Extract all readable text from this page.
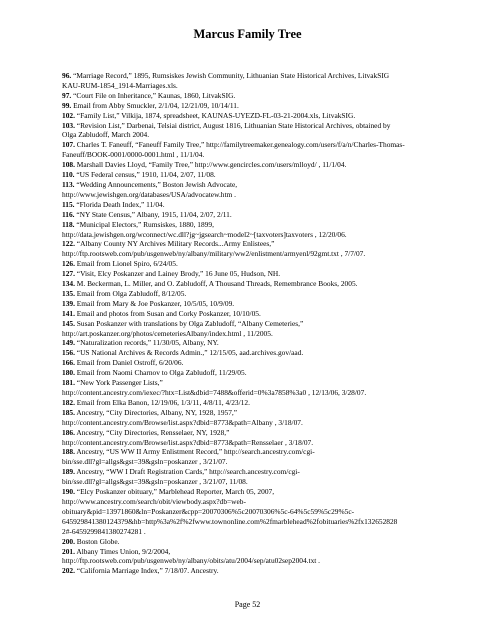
Marcus Family Tree
96. “Marriage Record,” 1895, Rumsiskes Jewish Community, Lithuanian State Historical Archives, LitvakSIG
KAU-RUM-1854_1914-Marriages.xls.
97. “Court File on Inheritance,” Kaunas, 1860, LitvakSIG.
99. Email from Abby Smuckler, 2/1/04, 12/21/09, 10/14/11.
102. “Family List,” Vilkija, 1874, spreadsheet, KAUNAS-UYEZD-FL-03-21-2004.xls, LitvakSIG.
103. “Revision List,” Darbenai, Telsiai district, August 1816, Lithuanian State Historical Archives, obtained by
Olga Zabludoff, March 2004.
107. Charles T. Faneuff, “Faneuff Family Tree,” http://familytreemaker.genealogy.com/users/f/a/n/Charles-Thomas-
Faneuff/BOOK-0001/0000-0001.html , 11/1/04.
108. Marshall Davies Lloyd, “Family Tree,” http://www.gencircles.com/users/mlloyd/ , 11/1/04.
110. “US Federal census,” 1910, 11/04, 2/07, 11/08.
113. “Wedding Announcements,” Boston Jewish Advocate,
http://www.jewishgen.org/databases/USA/advocatew.htm .
115. “Florida Death Index,” 11/04.
116. “NY State Census,” Albany, 1915, 11/04, 2/07, 2/11.
118. “Municipal Electors,” Rumsiskes, 1880, 1899,
http://data.jewishgen.org/wconnect/wc.dll?jg~jgsearch~model2~[taxvoters]taxvoters , 12/20/06.
122. “Albany County NY Archives Military Records...Army Enlistees,”
http://ftp.rootsweb.com/pub/usgenweb/ny/albany/military/ww2/enlistment/armyenl/92gmt.txt , 7/7/07.
126. Email from Lionel Spiro, 6/24/05.
127. “Visit, Elcy Poskanzer and Lainey Brody,” 16 June 05, Hudson, NH.
134. M. Beckerman, L. Miller, and O. Zabludoff, A Thousand Threads, Remembrance Books, 2005.
135. Email from Olga Zabludoff, 8/12/05.
139. Email from Mary & Joe Poskanzer, 10/5/05, 10/9/09.
141. Email and photos from Susan and Corky Poskanzer, 10/10/05.
145. Susan Poskanzer with translations by Olga Zabludoff, “Albany Cemeteries,”
http://art.poskanzer.org/photos/cemeteriesAlbany/index.html , 11/2005.
149. “Naturalization records,” 11/30/05, Albany, NY.
156. “US National Archives & Records Admin.,” 12/15/05, aad.archives.gov/aad.
166. Email from Daniel Ostroff, 6/20/06.
180. Email from Naomi Charnov to Olga Zabludoff, 11/29/05.
181. “New York Passenger Lists,”
http://content.ancestry.com/iexec/?htx=List&dbid=7488&offerid=0%3a7858%3a0 , 12/13/06, 3/28/07.
182. Email from Elka Banon, 12/19/06, 1/3/11, 4/8/11, 4/23/12.
185. Ancestry, “City Directories, Albany, NY, 1928, 1957,”
http://content.ancestry.com/Browse/list.aspx?dbid=8773&path=Albany , 3/18/07.
186. Ancestry, “City Directories, Rensselaer, NY, 1928,”
http://content.ancestry.com/Browse/list.aspx?dbid=8773&path=Rensselaer , 3/18/07.
188. Ancestry, “US WW II Army Enlistment Record,” http://search.ancestry.com/cgi-
bin/sse.dll?gl=allgs&gst=39&gsln=poskanzer , 3/21/07.
189. Ancestry, “WW I Draft Registration Cards,” http://search.ancestry.com/cgi-
bin/sse.dll?gl=allgs&gst=39&gsln=poskanzer , 3/21/07, 11/08.
190. “Elcy Poskanzer obituary,” Marblehead Reporter, March 05, 2007,
http://www.ancestry.com/search/obit/viewbody.aspx?db=web-
obituary&pid=13971860&ln=Poskanzer&cpp=20070306%5c20070306%5c-64%5c59%5c29%5c-
6459298413801243?9&hb=http%3a%2f%2fwww.townonline.com%2fmarblehead%2fobituaries%2fx132652828
2#-6459299841380274281 .
200. Boston Globe.
201. Albany Times Union, 9/2/2004,
http://ftp.rootsweb.com/pub/usgenweb/ny/albany/obits/atu/2004/sep/atu02sep2004.txt .
202. “California Marriage Index,” 7/18/07. Ancestry.
Page 52
